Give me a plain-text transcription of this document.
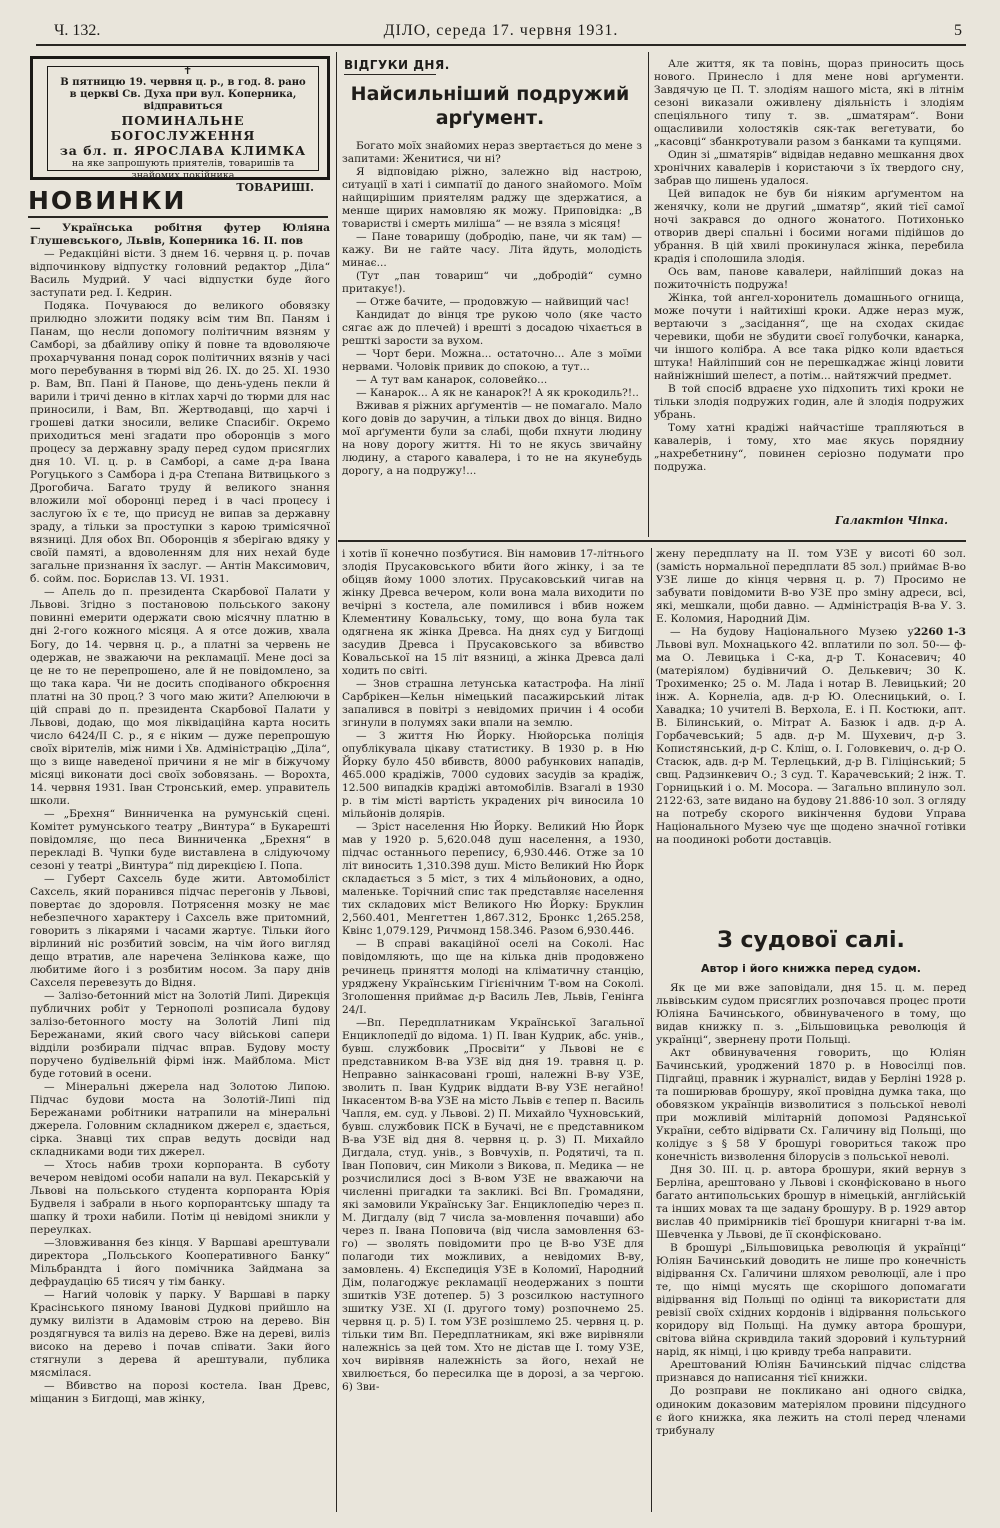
Ч. 132.	ДІЛО, середа 17. червня 1931.	5
✝
В пятницю 19. червня ц. р., в год. 8. рано
в церкві Св. Духа при вул. Коперника,
відправиться
ПОМИНАЛЬНЕ БОГОСЛУЖЕННЯ
за бл. п. ЯРОСЛАВА КЛИМКА
на яке запрошують приятелів, товаришів та знайомих покійника
ТОВАРИШІ.
НОВИНКИ

— Українська робітня футер Юліяна Глушевського, Львів, Коперника 16. II. пов

— Редакційні вісти. З днем 16. червня ц. р. почав відпочинкову відпустку головний редактор „Діла“ Василь Мудрий. У часі відпустки буде його заступати ред. І. Кедрин.

Подяка. Почуваюся до великого обовязку прилюдно зложити подяку всім тим Вп. Паням і Панам, що несли допомогу політичним вязням у Самборі, за дбайливу опіку й повне та вдоволяюче прохарчування понад сорок політичних вязнів у часі мого перебування в тюрмі від 26. IX. до 25. XI. 1930 р. Вам, Вп. Пані й Панове, що день-удень пекли й варили і тричі денно в кітлах харчі до тюрми для нас приносили, і Вам, Вп. Жертводавці, що харчі і грошеві датки зносили, велике Спасибіг. Окремо приходиться мені згадати про оборонців з мого процесу за державну зраду перед судом присяглих дня 10. VI. ц. р. в Самборі, а саме д-ра Івана Рогуцького з Самбора і д-ра Степана Витвицького з Дрогобича. Багато труду й великого знання вложили мої оборонці перед і в часі процесу і заслугою їх є те, що присуд не випав за державну зраду, а тільки за проступки з карою тримісячної вязниці. Для обох Вп. Оборонців я зберігаю вдяку у своїй памяті, а вдоволенням для них нехай буде загальне признання їх заслуг. — Антін Максимович, б. сойм. пос. Борислав 13. VI. 1931.

— Апель до п. президента Скарбової Палати у Львові. Згідно з постановою польського закону повинні емерити одержати свою місячну платню в дні 2-гого кожного місяця. А я отсе дожив, хвала Богу, до 14. червня ц. р., а платні за червень не одержав, не зважаючи на рекламації. Мене досі за це не то не перепрошено, але й не повідомлено, за що така кара. Чи не досить сподіваного обкроєння платні на 30 проц.? З чого маю жити? Апелюючи в цій справі до п. президента Скарбової Палати у Львові, додаю, що моя ліквідаційна карта носить число 6424/II C. р., я є ніким — дуже перепрошую своїх вірителів, між ними і Хв. Адміністрацію „Діла“, що з вище наведеної причини я не міг в бiжучому місяці виконати досі своїх зобовязань. — Ворохта, 14. червня 1931. Іван Стронський, емер. управитель школи.

— „Брехня“ Винниченка на румунській сцені. Комітет румунського театру „Винтура“ в Букарешті повідомляє, що песа Винниченка „Брехня“ в перекладі В. Чупки буде виставлена в слідуючому сезоні у театрі „Винтура“ під дирекцією І. Попа.

— Губерт Сахсель буде жити. Автомобіліст Сахсель, який поранився підчас перегонів у Львові, повертає до здоровля. Потрясення мозку не має небезпечного характеру і Сахсель вже притомний, говорить з лікарями і часами жартує. Тільки його вірлиний ніс розбитий зовсім, на чім його вигляд дещо втратив, але наречена Зелінкова каже, що любитиме його і з розбитим носом. За пару днів Сахселя перевезуть до Відня.

— Залізо-бетонний міст на Золотій Липі. Дирекція публичних робіт у Тернополі розписала будову залізо-бетонного мосту на Золотій Липі під Бережанами, який свого часу військові сапери відділи розбирали підчас вправ. Будову мосту поручено будівельній фірмі інж. Майблома. Міст буде готовий в осени.

— Мінеральні джерела над Золотою Липою. Підчас будови моста на Золотій-Липі під Бережанами робітники натрапили на мінеральні джерела. Головним складником джерел є, здається, сірка. Знавці тих справ ведуть досвіди над складниками води тих джерел.

— Хтось набив трохи корпоранта. В суботу вечером невідомі особи напали на вул. Пекарській у Львові на польського студента корпоранта Юрія Будвеля і забрали в нього корпорантську шпаду та шапку й трохи набили. Потім ці невідомі зникли у переулках.

—Зловживання без кінця. У Варшаві арештували директора „Польського Кооперативного Банку“ Мільбрандта і його помічника Зайдмана за дефраудацію 65 тисяч у тім банку.

— Нагий чоловік у парку. У Варшаві в парку Красінського пяному Іванові Дудкові прийшло на думку вилізти в Адамовім строю на дерево. Він роздягнувся та виліз на дерево. Вже на дереві, виліз високо на дерево і почав співати. Заки його стягнули з дерева й арештували, публика мясмілася.

— Вбивство на порозі костела. Іван Древс, міщанин з Бигдощі, мав жінку,

ВІДГУКИ ДНЯ.
Найсильніший подружий арґумент.

Богато моїх знайомих нераз звертається до мене з запитами: Женитися, чи ні?

Я відповідаю ріжно, залежно від настрою, ситуації в хаті і симпатії до даного знайомого. Моїм найщирішим приятелям раджу ще здержатися, а менше щирих намовляю як можу. Приповідка: „В товаристві і смерть миліша“ — не взяла з місяця!

— Пане товаришу (добродію, пане, чи як там) — кажу. Ви не гайте часу. Літа йдуть, молодість минає...

(Тут „пан товариш“ чи „добродій“ сумно притакує!).

— Отже бачите, — продовжую — найвищий час!

Кандидат до вінця тре рукою чоло (яке часто сягає аж до плечей) і врешті з досадою чіхається в решткі зарости за вухом.

— Чорт бери. Можна... остаточно... Але з моїми нервами. Чоловік привик до спокою, а тут...

— А тут вам канарок, соловейко...

— Канарок... А як не канарок?! А як крокодиль?!..

Вживав я ріжних арґументів — не помагало. Мало кого довів до заручин, а тільки двох до вінця. Видно мої арґументи були за слабі, щоби пхнути людину на нову дорогу життя. Ні то не якусь звичайну людину, а старого кавалера, і то не на якунебудь дорогу, а на подружу!...

Але життя, як та повінь, щораз приносить щось нового. Принесло і для мене нові арґументи. Завдячую це П. Т. злодіям нашого міста, які в літнім сезоні виказали оживлену діяльність і злодіям спеціяльного типу т. зв. „шматярам“. Вони ощасливили холостяків сяк-так вегетувати, бо „касовці“ збанкротували разом з банками та купцями.

Один зі „шматярів“ відвідав недавно мешкання двох хронічних кавалерів і користаючи з їх твердого сну, забрав що лишень удалося.

Цей випадок не був би ніяким арґументом на женячку, коли не другий „шматяр“, який тієї самої ночі закрався до одного жонатого. Потихонько отворив двері спальні і босими ногами підійшов до убрання. В цій хвилі прокинулася жінка, перебила крадія і сполошила злодія.

Ось вам, панове кавалери, найліпший доказ на пожиточність подружа!

Жінка, той ангел-хоронитель домашнього огнища, може почути і найтихіші кроки. Адже нераз муж, вертаючи з „засідання“, ще на сходах скидає черевики, щоби не збудити своєї голубочки, канарка, чи іншого колібра. А все така рідко коли вдається штука! Найліпший сон не перешкаджає жінці ловити найніжніший шелест, а потім... найтяжчий предмет.

В той спосіб вдраєне ухо підхопить тихі кроки не тільки злодія подружих годин, але й злодія подружих убрань.

Тому хатні крадіжі найчастіше трапляються в кавалерів, і тому, хто має якусь порядниу „нахребетнину“, повинен серіозно подумати про подружа.

Галактіон Чіпка.

і хотів її конечно позбутися. Він намовив 17-літнього злодія Прусаковського вбити його жінку, і за те обіцяв йому 1000 злотих. Прусаковський чигав на жінку Древса вечером, коли вона мала виходити по вечірні з костела, але помилився і вбив ножем Клементину Ковальську, тому, що вона була так одягнена як жінка Древса. На днях суд у Бигдощі засудив Древса і Прусаковського за вбивство Ковальської на 15 літ вязниці, а жінка Древса далі ходить по світі.

— Знов страшна летунська катастрофа. На лінії Сарбрікен—Кельн німецький пасажирський літак запалився в повітрі з невідомих причин і 4 особи згинули в полумях заки впали на землю.

— З життя Ню Йорку. Нюйорська поліція опублікувала цікаву статистику. В 1930 р. в Ню Йорку було 450 вбивств, 8000 рабункових нападів, 465.000 крадіжів, 7000 судових засудів за крадіж, 12.500 випадків крадіжі автомобілів. Взагалі в 1930 р. в тім місті вартість украдених річ виносила 10 мільйонів долярів.

— Зріст населення Ню Йорку. Великий Ню Йорк мав у 1920 р. 5,620.048 душ населення, а 1930, підчас останнього перепису, 6,930.446. Отже за 10 літ виносить 1,310.398 душ. Місто Великий Ню Йорк складається з 5 міст, з тих 4 мільйонових, а одно, маленьке. Торічний спис так представляє населення тих складових міст Великого Ню Йорку: Бруклин 2,560.401, Менгеттен 1,867.312, Бронкс 1,265.258, Квінс 1,079.129, Ричмонд 158.346. Разом 6,930.446.

— В справі вакаційної оселі на Соколі. Нас повідомляють, що ще на кілька днів продовжено речинець приняття молоді на кліматичну станцію, уряджену Українським Гігієнічним Т-вом на Соколі. Зголошення приймає д-р Василь Лев, Львів, Генінга 24/I.

—Вп. Передплатникам Української Загальної Енциклопедії до відома. 1) П. Іван Кудрик, абс. унів., бувш. службовик „Просвіти“ у Львові не є представником В-ва УЗЕ від дня 19. травня ц. р. Неправно заінкасовані гроші, належні В-ву УЗЕ, зволить п. Іван Кудрик віддати В-ву УЗЕ негайно! Інкасентом В-ва УЗЕ на місто Львів є тепер п. Василь Чапля, ем. суд. у Львові. 2) П. Михайло Чухновський, бувш. службовик ПСК в Бучачі, не є представником В-ва УЗЕ від дня 8. червня ц. р. 3) П. Михайло Дигдала, студ. унів., з Вовчухів, п. Родятичі, та п. Іван Попович, син Миколи з Викова, п. Медика — не розчислилися досі з В-вом УЗЕ не вважаючи на численні пригадки та закликі. Всі Вп. Громадяни, які замовили Українську Заг. Енциклопедію через п. М. Дигдалу (від 7 числа за-мовлення почавши) або через п. Івана Поповича (від числа замовлення 63-го) — зволять повідомити про це В-во УЗЕ для полагоди тих можливих, а невідомих В-ву, замовлень. 4) Експедиція УЗЕ в Коломиї, Народний Дім, полагоджує рекламації неодержаних з пошти зшитків УЗЕ дотепер. 5) З розсилкою наступного зшитку УЗЕ. XI (I. другого тому) розпочнемо 25. червня ц. р. 5) I. том УЗЕ розішлемо 25. червня ц. р. тільки тим Вп. Передплатникам, які вже вирівняли належнісь за цей том. Хто не дістав ще I. тому УЗЕ, хоч вирівняв належність за його, нехай не хвилюється, бо пересилка ще в дорозі, а за чергою. 6) Зви-

жену передплату на II. том УЗЕ у висоті 60 зол. (замість нормальної передплати 85 зол.) приймає В-во УЗЕ лише до кінця червня ц. р. 7) Просимо не забувати повідомити В-во УЗЕ про зміну адреси, всі, які, мешкали, щоби давно. — Адміністрація В-ва У. З. Е. Коломия, Народний Дім.

2260 1-3

— На будову Національного Музею у Львові вул. Мохнацького 42. вплатили по зол. 50-— ф-ма О. Левицька і С-ка, д-р Т. Конасевич; 40 (матеріялом) будівничий О. Делькевич; 30 К. Трохименко; 25 о. М. Лада і нотар В. Левицький; 20 інж. А. Корнеліа, адв. д-р Ю. Олесницький, о. І. Хавадка; 10 учителі В. Верхола, Е. і П. Костюки, апт. В. Білинський, о. Мітрат А. Базюк і адв. д-р А. Горбачевський; 5 адв. д-р М. Шухевич, д-р З. Копистянський, д-р С. Кліш, о. І. Головкевич, о. д-р О. Стасюк, адв. д-р М. Терлецький, д-р В. Гіліцінський; 5 свщ. Радзинкевич О.; 3 суд. Т. Карачевський; 2 інж. Т. Горницький і о. М. Мосора. — Загально вплинуло зол. 2122·63, зате видано на будову 21.886·10 зол. З огляду на потребу скорого викінчення будови Управа Національного Музею чує ще щодено значної готівки на поодинокі роботи доставців.

З судової салі.
Автор і його книжка перед судом.

Як це ми вже заповідали, дня 15. ц. м. перед львівським судом присяглих розпочався процес проти Юліяна Бачинського, обвинуваченого в тому, що видав книжку п. з. „Більшовицька революція й українці“, звернену проти Польщі.

Акт обвинувачення говорить, що Юліян Бачинський, уроджений 1870 р. в Новосілці пов. Підгайці, правник і журналіст, видав у Берліні 1928 р. та поширював брошуру, якої провідна думка така, що обовязком українців визволитися з польської неволі при можливій мілітарній допомозі Радянської України, себто відірвати Сх. Галичину від Польщі, що колідує з § 58 У брошурі говориться також про конечність визволення білорусів з польської неволі.

Дня 30. III. ц. р. автора брошури, який вернув з Берліна, арештовано у Львові і сконфісковано в нього багато антипольських брошур в німецькій, англійській та інших мовах та ще задану брошуру. В р. 1929 автор вислав 40 примірників тієї брошури книгарні т-ва ім. Шевченка у Львові, де її сконфісковано.

В брошурі „Більшовицька революція й українці“ Юліян Бачинський доводить не лише про конечність відірвання Сх. Галичини шляхом революції, але і про те, що німці мусять ще скорішого допомагати відірвання від Польщі по одінці та використати для ревізії своїх східних кордонів і відірвання польського коридору від Польщі. На думку автора брошури, світова війна скривдила такий здоровий і культурний нарід, як німці, і цю кривду треба направити.

Арештований Юліян Бачинський підчас слідства признався до написання тієї книжки.

До розправи не покликано ані одного свідка, одиноким доказовим матеріялом провини підсудного є його книжка, яка лежить на столі перед членами трибуналу
